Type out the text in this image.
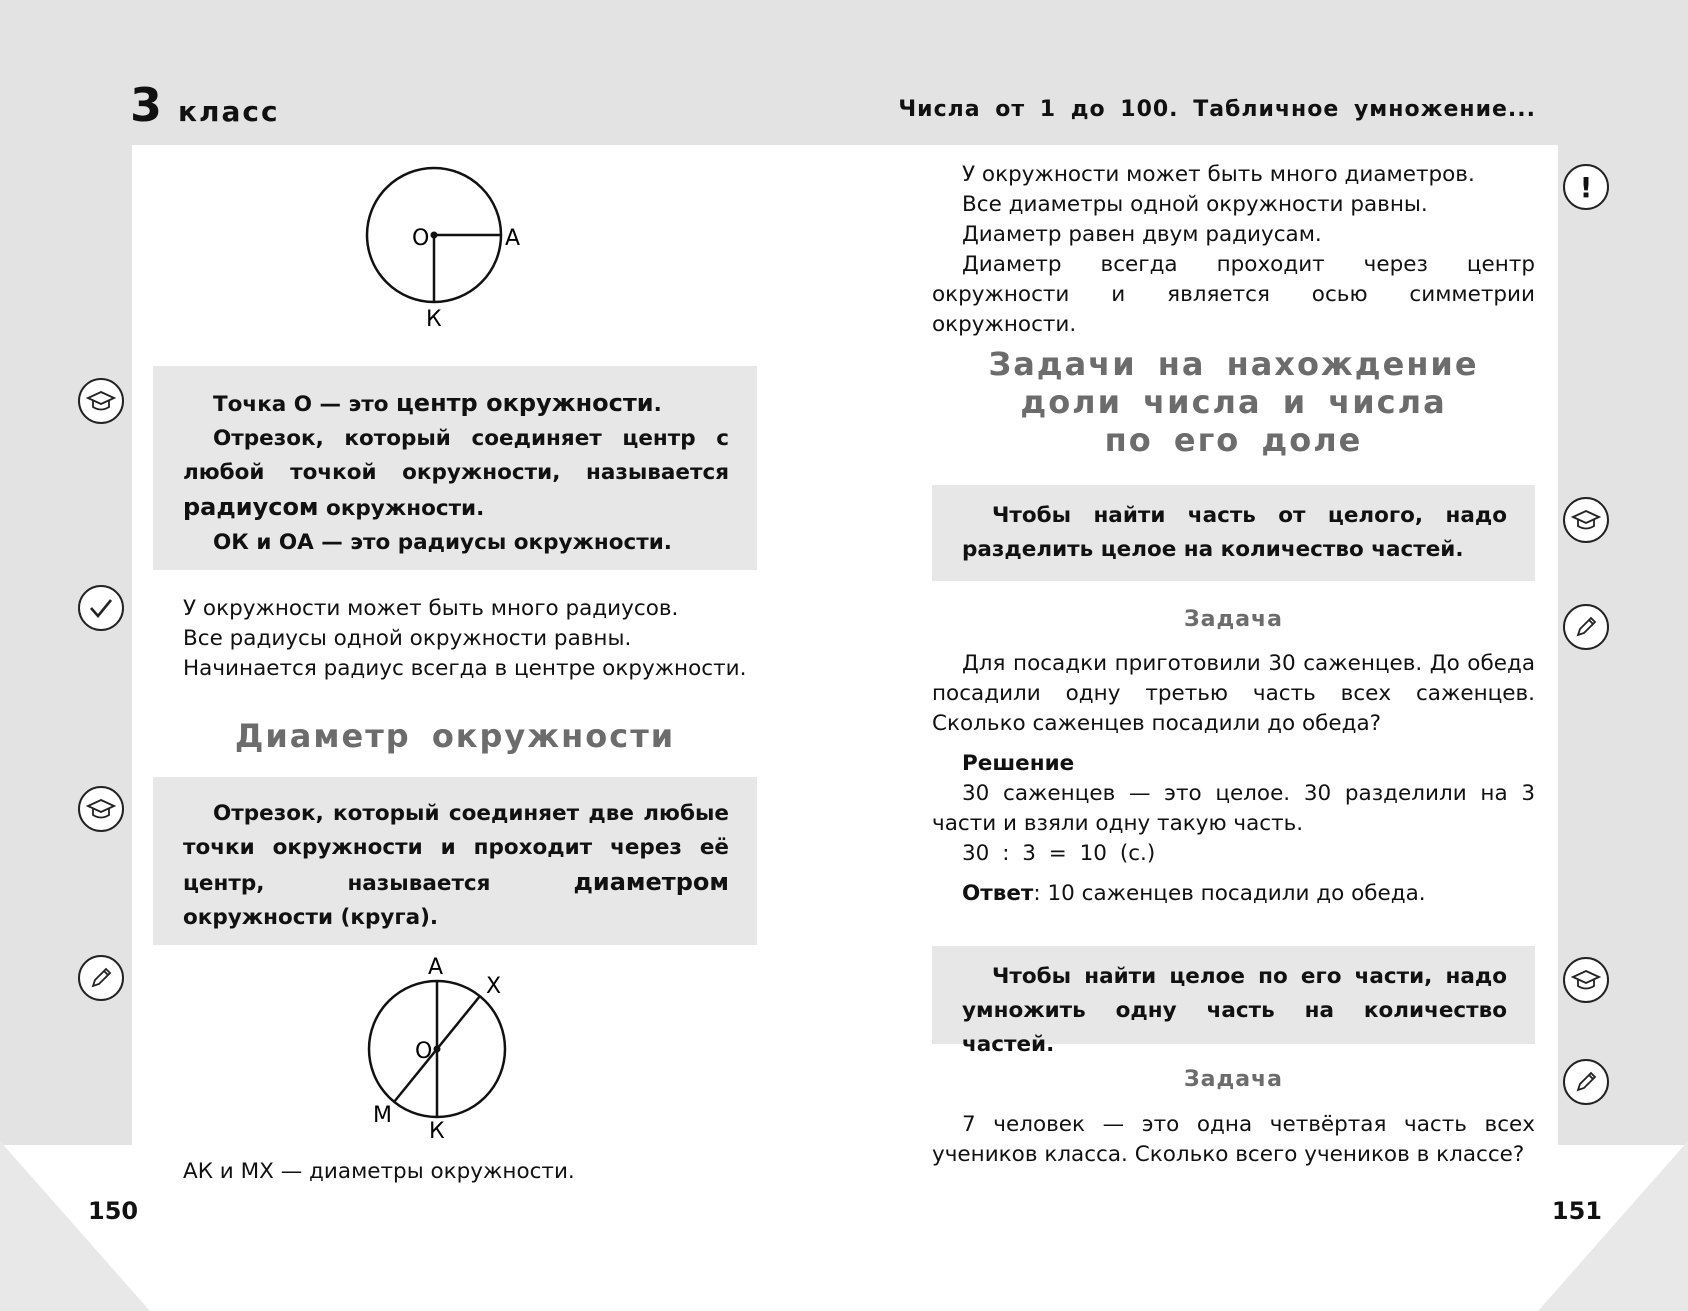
3 класс	Числа от 1 до 100. Табличное умножение...
О	А
К

Точка О — это центр окружности.

Отрезок, который соединяет центр с любой точкой окружности, называется радиусом окружности.

ОК и ОА — это радиусы окружности.

У окружности может быть много радиусов.

Все радиусы одной окружности равны.

Начинается радиус всегда в центре окружности.

Диаметр окружности

Отрезок, который соединяет две любые точки окружности и проходит через её центр, называется диаметром окружности (круга).

А
Х
О
М
К
АК и МХ — диаметры окружности.
150

У окружности может быть много диаметров.

Все диаметры одной окружности равны.

Диаметр равен двум радиусам.

Диаметр всегда проходит через центр окружности и является осью симметрии окружности.

Задачи на нахождение
доли числа и числа
по его доле

Чтобы найти часть от целого, надо разделить целое на количество частей.

Задача

Для посадки приготовили 30 саженцев. До обеда посадили одну третью часть всех саженцев. Сколько саженцев посадили до обеда?

Решение

30 саженцев — это целое. 30 разделили на 3 части и взяли одну такую часть.

30 : 3 = 10 (с.)

Ответ: 10 саженцев посадили до обеда.

Чтобы найти целое по его части, надо умножить одну часть на количество частей.

Задача

7 человек — это одна четвёртая часть всех учеников класса. Сколько всего учеников в классе?

151
!
